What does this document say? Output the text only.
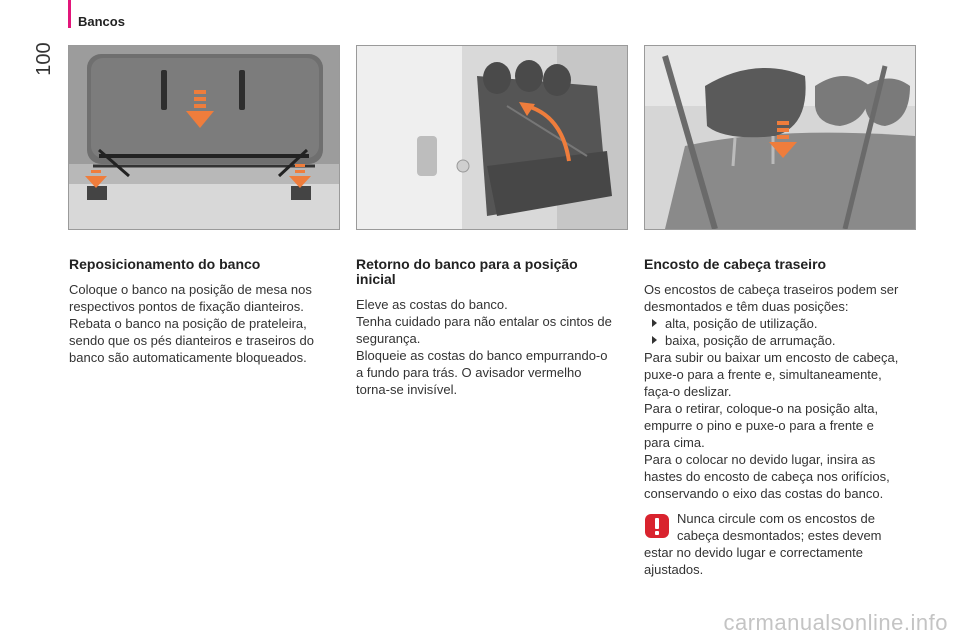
Bancos
100
Reposicionamento do banco

Coloque o banco na posição de mesa nos

respectivos pontos de fixação dianteiros.

Rebata o banco na posição de prateleira,

sendo que os pés dianteiros e traseiros do

banco são automaticamente bloqueados.

Retorno do banco para a posição
inicial

Eleve as costas do banco.

Tenha cuidado para não entalar os cintos de

segurança.

Bloqueie as costas do banco empurrando-o

a fundo para trás. O avisador vermelho

torna-se invisível.

Encosto de cabeça traseiro

Os encostos de cabeça traseiros podem ser

desmontados e têm duas posições:

alta, posição de utilização.
baixa, posição de arrumação.

Para subir ou baixar um encosto de cabeça,

puxe-o para a frente e, simultaneamente,

faça-o deslizar.

Para o retirar, coloque-o na posição alta,

empurre o pino e puxe-o para a frente e

para cima.

Para o colocar no devido lugar, insira as

hastes do encosto de cabeça nos orifícios,

conservando o eixo das costas do banco.

Nunca circule com os encostos de

cabeça desmontados; estes devem

estar no devido lugar e correctamente

ajustados.

carmanualsonline.info
